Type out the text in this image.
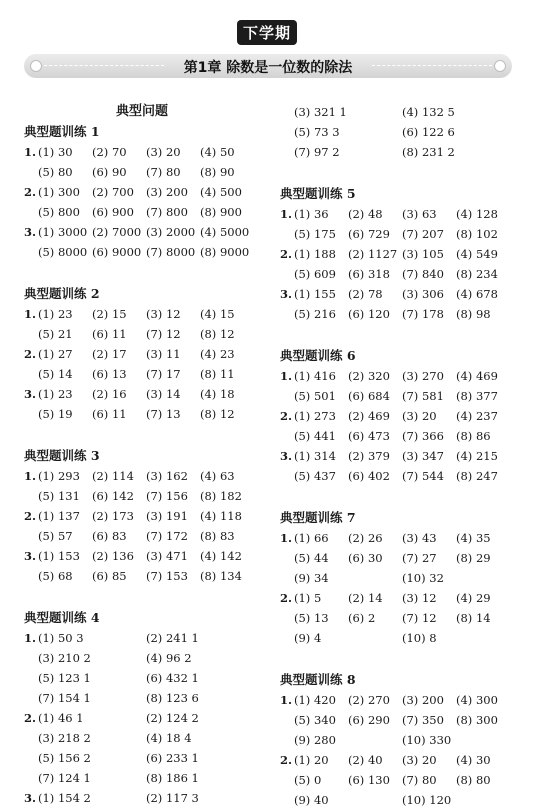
下学期
第1章 除数是一位数的除法
典型问题
典型题训练 1
1. (1) 30 (2) 70 (3) 20 (4) 50
(5) 80 (6) 90 (7) 80 (8) 90
2. (1) 300 (2) 700 (3) 200 (4) 500
(5) 800 (6) 900 (7) 800 (8) 900
3. (1) 3000 (2) 7000 (3) 2000 (4) 5000
(5) 8000 (6) 9000 (7) 8000 (8) 9000
典型题训练 2
1. (1) 23 (2) 15 (3) 12 (4) 15
(5) 21 (6) 11 (7) 12 (8) 12
2. (1) 27 (2) 17 (3) 11 (4) 23
(5) 14 (6) 13 (7) 17 (8) 11
3. (1) 23 (2) 16 (3) 14 (4) 18
(5) 19 (6) 11 (7) 13 (8) 12
典型题训练 3
1. (1) 293 (2) 114 (3) 162 (4) 63
(5) 131 (6) 142 (7) 156 (8) 182
2. (1) 137 (2) 173 (3) 191 (4) 118
(5) 57 (6) 83 (7) 172 (8) 83
3. (1) 153 (2) 136 (3) 471 (4) 142
(5) 68 (6) 85 (7) 153 (8) 134
典型题训练 4
1. (1) 50 3	(2) 241 1
(3) 210 2	(4) 96 2
(5) 123 1	(6) 432 1
(7) 154 1	(8) 123 6
2. (1) 46 1	(2) 124 2
(3) 218 2	(4) 18 4
(5) 156 2	(6) 233 1
(7) 124 1	(8) 186 1
3. (1) 154 2	(2) 117 3
(3) 321 1	(4) 132 5
(5) 73 3	(6) 122 6
(7) 97 2	(8) 231 2
典型题训练 5
1. (1) 36 (2) 48 (3) 63 (4) 128
(5) 175 (6) 729 (7) 207 (8) 102
2. (1) 188 (2) 1127 (3) 105 (4) 549
(5) 609 (6) 318 (7) 840 (8) 234
3. (1) 155 (2) 78 (3) 306 (4) 678
(5) 216 (6) 120 (7) 178 (8) 98
典型题训练 6
1. (1) 416 (2) 320 (3) 270 (4) 469
(5) 501 (6) 684 (7) 581 (8) 377
2. (1) 273 (2) 469 (3) 20 (4) 237
(5) 441 (6) 473 (7) 366 (8) 86
3. (1) 314 (2) 379 (3) 347 (4) 215
(5) 437 (6) 402 (7) 544 (8) 247
典型题训练 7
1. (1) 66 (2) 26 (3) 43 (4) 35
(5) 44 (6) 30 (7) 27 (8) 29
(9) 34	(10) 32
2. (1) 5 (2) 14 (3) 12 (4) 29
(5) 13 (6) 2 (7) 12 (8) 14
(9) 4	(10) 8
典型题训练 8
1. (1) 420 (2) 270 (3) 200 (4) 300
(5) 340 (6) 290 (7) 350 (8) 300
(9) 280	(10) 330
2. (1) 20 (2) 40 (3) 20 (4) 30
(5) 0 (6) 130 (7) 80 (8) 80
(9) 40	(10) 120
